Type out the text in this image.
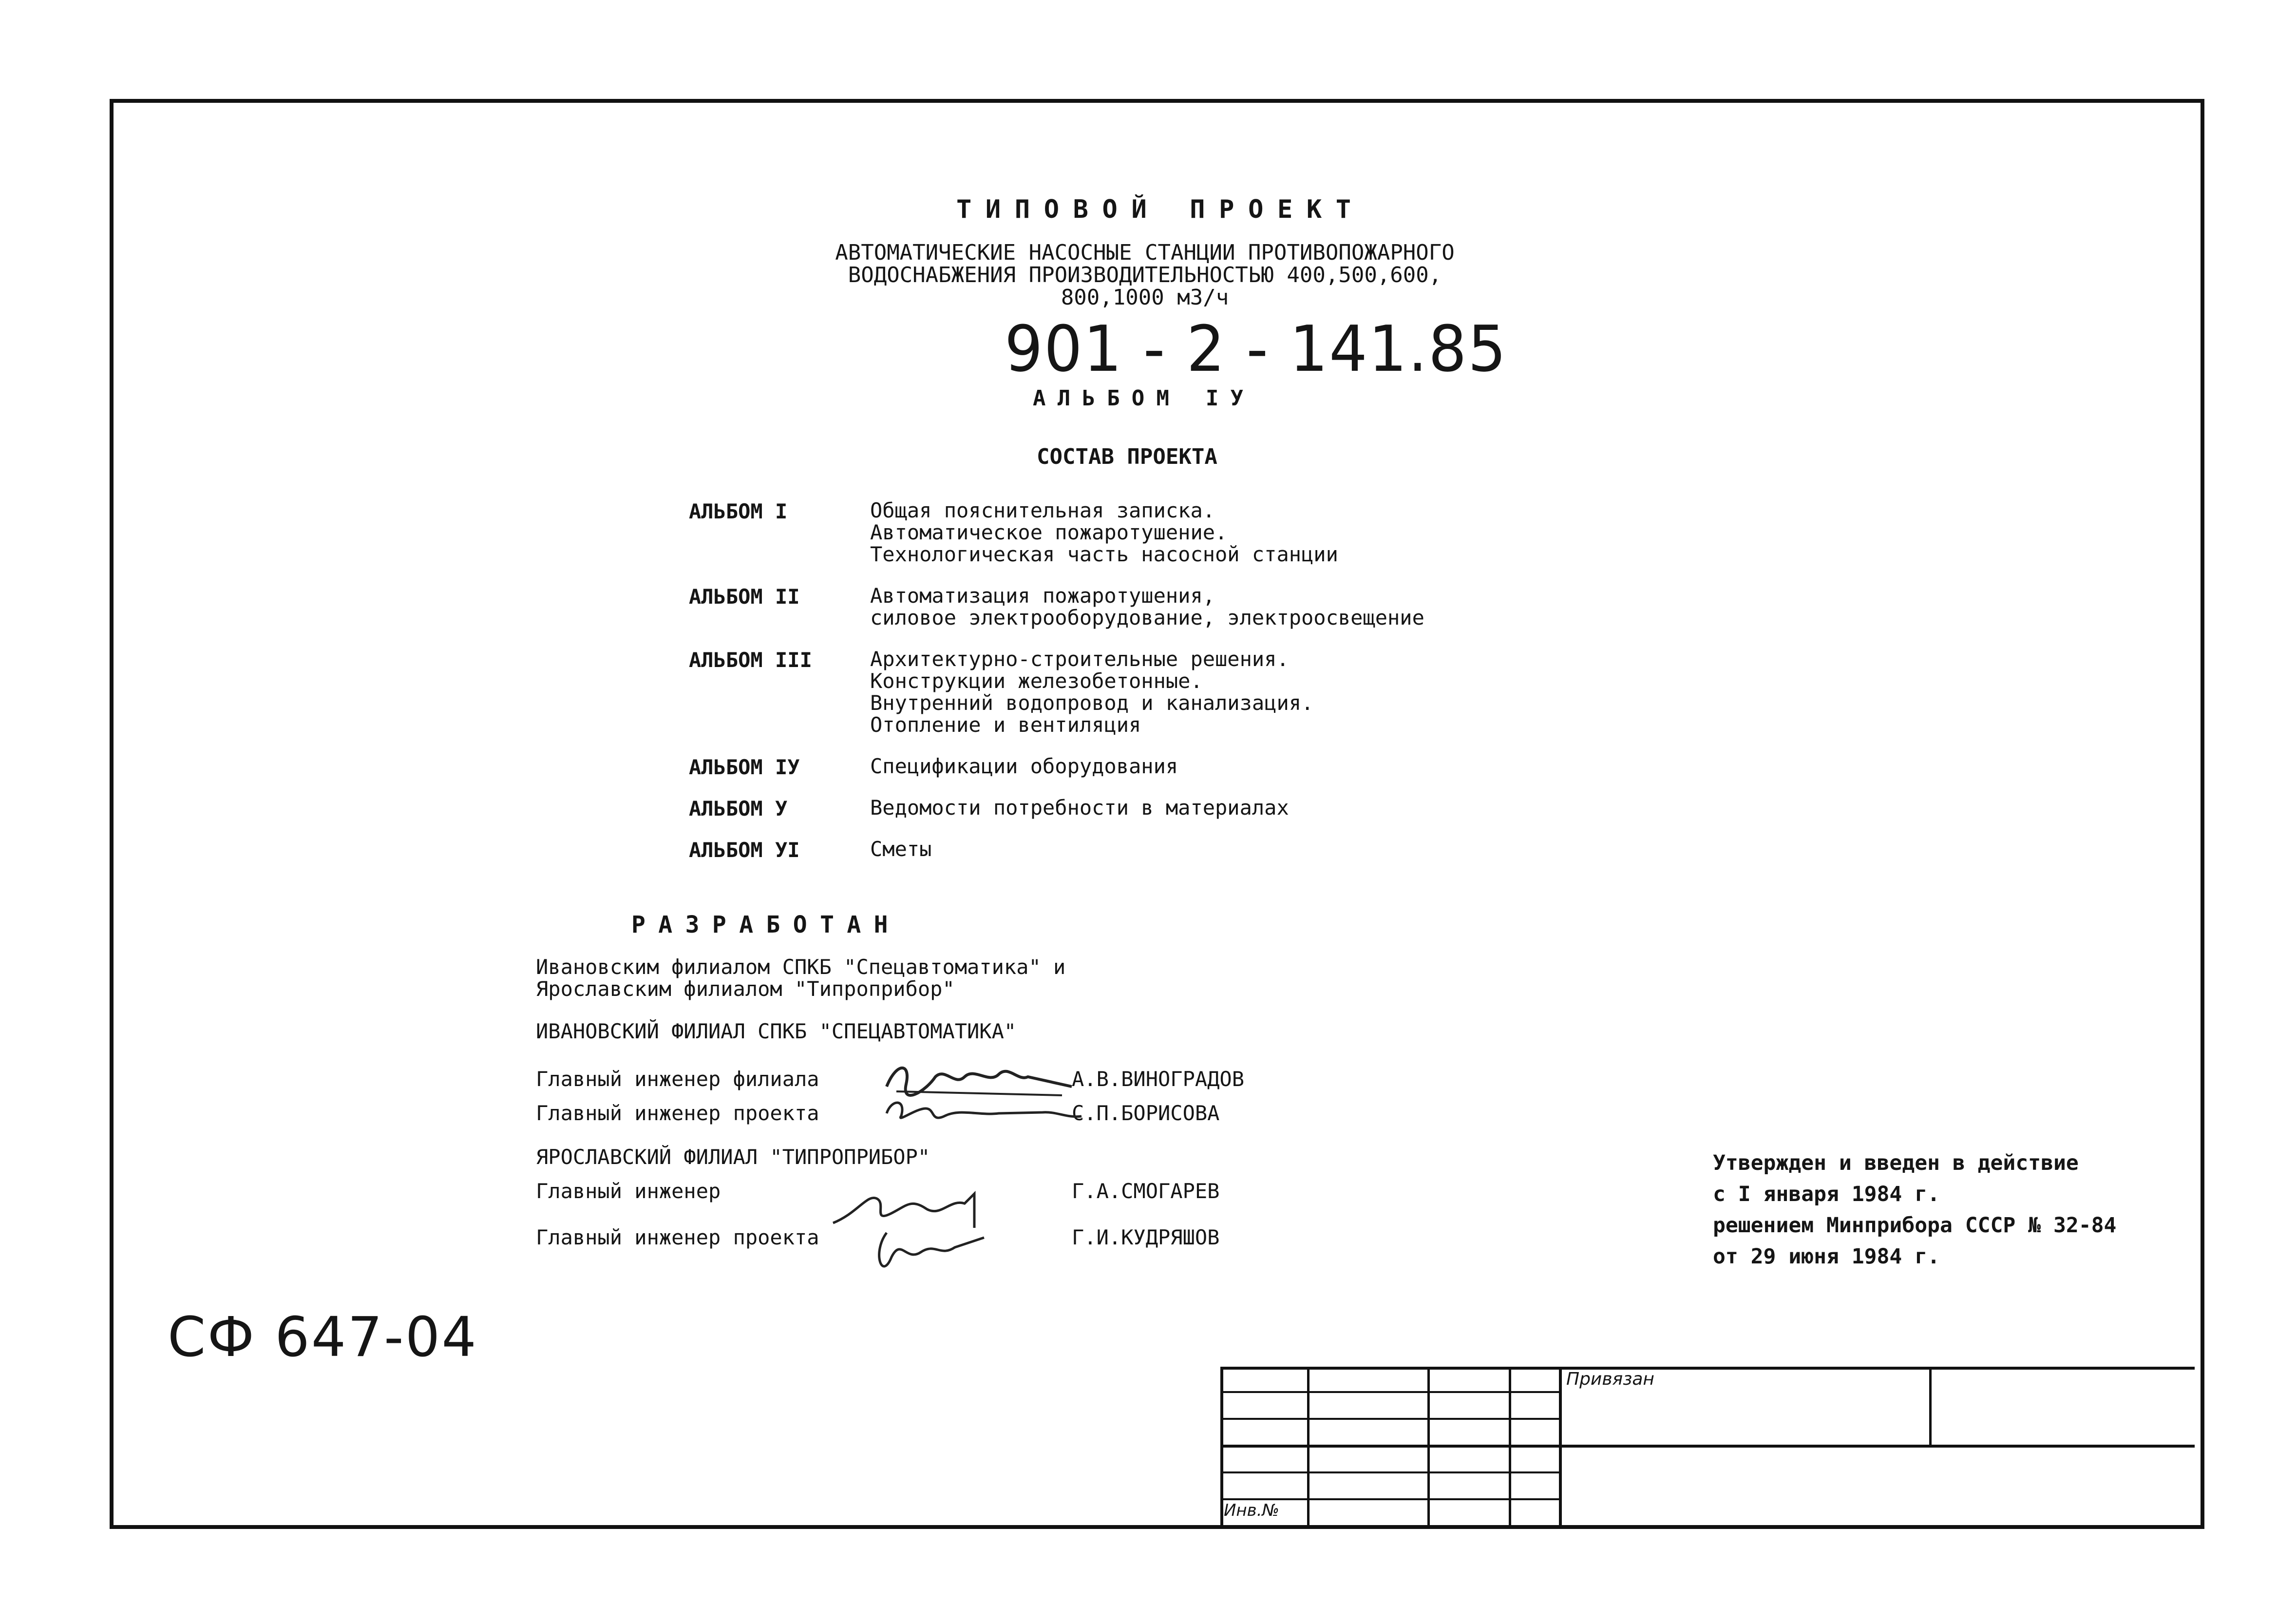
ТИПОВОЙ ПРОЕКТ
АВТОМАТИЧЕСКИЕ НАСОСНЫЕ СТАНЦИИ ПРОТИВОПОЖАРНОГО
ВОДОСНАБЖЕНИЯ ПРОИЗВОДИТЕЛЬНОСТЬЮ 400,500,600,
800,1000 м3/ч
901 - 2 - 141.85
АЛЬБОМ IУ
СОСТАВ ПРОЕКТА
АЛЬБОМ I	Общая пояснительная записка.
Автоматическое пожаротушение.
Технологическая часть насосной станции
АЛЬБОМ II	Автоматизация пожаротушения,
силовое электрооборудование, электроосвещение
АЛЬБОМ III	Архитектурно-строительные решения.
Конструкции железобетонные.
Внутренний водопровод и канализация.
Отопление и вентиляция
АЛЬБОМ IУ	Спецификации оборудования
АЛЬБОМ У	Ведомости потребности в материалах
АЛЬБОМ УI	Сметы
РАЗРАБОТАН
Ивановским филиалом СПКБ "Спецавтоматика" и
Ярославским филиалом "Типроприбор"
ИВАНОВСКИЙ ФИЛИАЛ СПКБ "СПЕЦАВТОМАТИКА"
Главный инженер филиала	А.В.ВИНОГРАДОВ
Главный инженер проекта	С.П.БОРИСОВА
ЯРОСЛАВСКИЙ ФИЛИАЛ "ТИПРОПРИБОР"
Главный инженер	Г.А.СМОГАРЕВ
Главный инженер проекта	Г.И.КУДРЯШОВ
Утвержден и введен в действие
с I января 1984 г.
решением Минприбора СССР № 32-84
от 29 июня 1984 г.
СФ 647-04
Привязан
Инв.№
